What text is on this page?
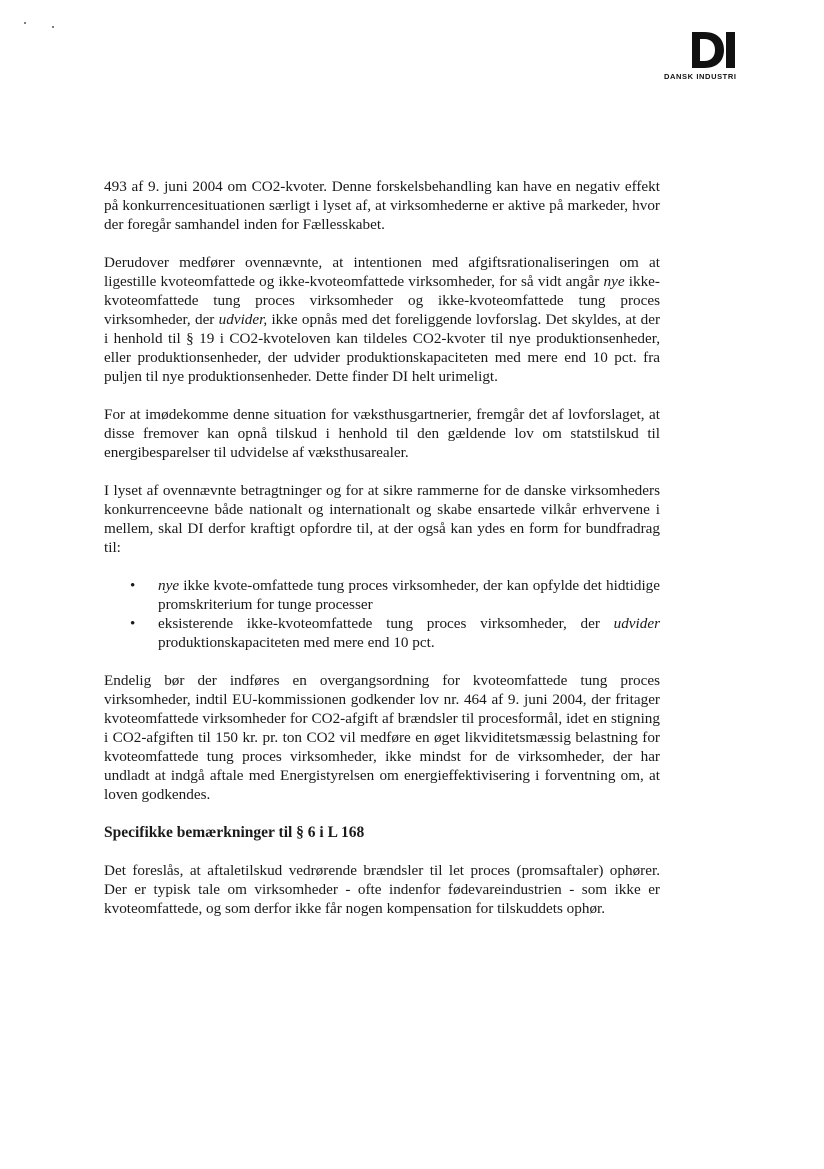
DANSK INDUSTRI

493 af 9. juni 2004 om CO2-kvoter. Denne forskelsbehandling kan have en negativ effekt på konkurrencesituationen særligt i lyset af, at virksomhederne er aktive på markeder, hvor der foregår samhandel inden for Fællesskabet.

Derudover medfører ovennævnte, at intentionen med afgiftsrationaliseringen om at ligestille kvoteomfattede og ikke-kvoteomfattede virksomheder, for så vidt angår nye ikke-kvoteomfattede tung proces virksomheder og ikke-kvoteomfattede tung proces virksomheder, der udvider, ikke opnås med det foreliggende lovforslag. Det skyldes, at der i henhold til § 19 i CO2-kvoteloven kan tildeles CO2-kvoter til nye produktionsenheder, eller produktionsenheder, der udvider produktionskapaciteten med mere end 10 pct. fra puljen til nye produktionsenheder. Dette finder DI helt urimeligt.

For at imødekomme denne situation for væksthusgartnerier, fremgår det af lovforslaget, at disse fremover kan opnå tilskud i henhold til den gældende lov om statstilskud til energibesparelser til udvidelse af væksthusarealer.

I lyset af ovennævnte betragtninger og for at sikre rammerne for de danske virksomheders konkurrenceevne både nationalt og internationalt og skabe ensartede vilkår erhvervene i mellem, skal DI derfor kraftigt opfordre til, at der også kan ydes en form for bundfradrag til:

• nye ikke kvote-omfattede tung proces virksomheder, der kan opfylde det hidtidige promskriterium for tunge processer
• eksisterende ikke-kvoteomfattede tung proces virksomheder, der udvider produktionskapaciteten med mere end 10 pct.

Endelig bør der indføres en overgangsordning for kvoteomfattede tung proces virksomheder, indtil EU-kommissionen godkender lov nr. 464 af 9. juni 2004, der fritager kvoteomfattede virksomheder for CO2-afgift af brændsler til procesformål, idet en stigning i CO2-afgiften til 150 kr. pr. ton CO2 vil medføre en øget likviditetsmæssig belastning for kvoteomfattede tung proces virksomheder, ikke mindst for de virksomheder, der har undladt at indgå aftale med Energistyrelsen om energieffektivisering i forventning om, at loven godkendes.

Specifikke bemærkninger til § 6 i L 168

Det foreslås, at aftaletilskud vedrørende brændsler til let proces (promsaftaler) ophører. Der er typisk tale om virksomheder - ofte indenfor fødevareindustrien - som ikke er kvoteomfattede, og som derfor ikke får nogen kompensation for tilskuddets ophør.
